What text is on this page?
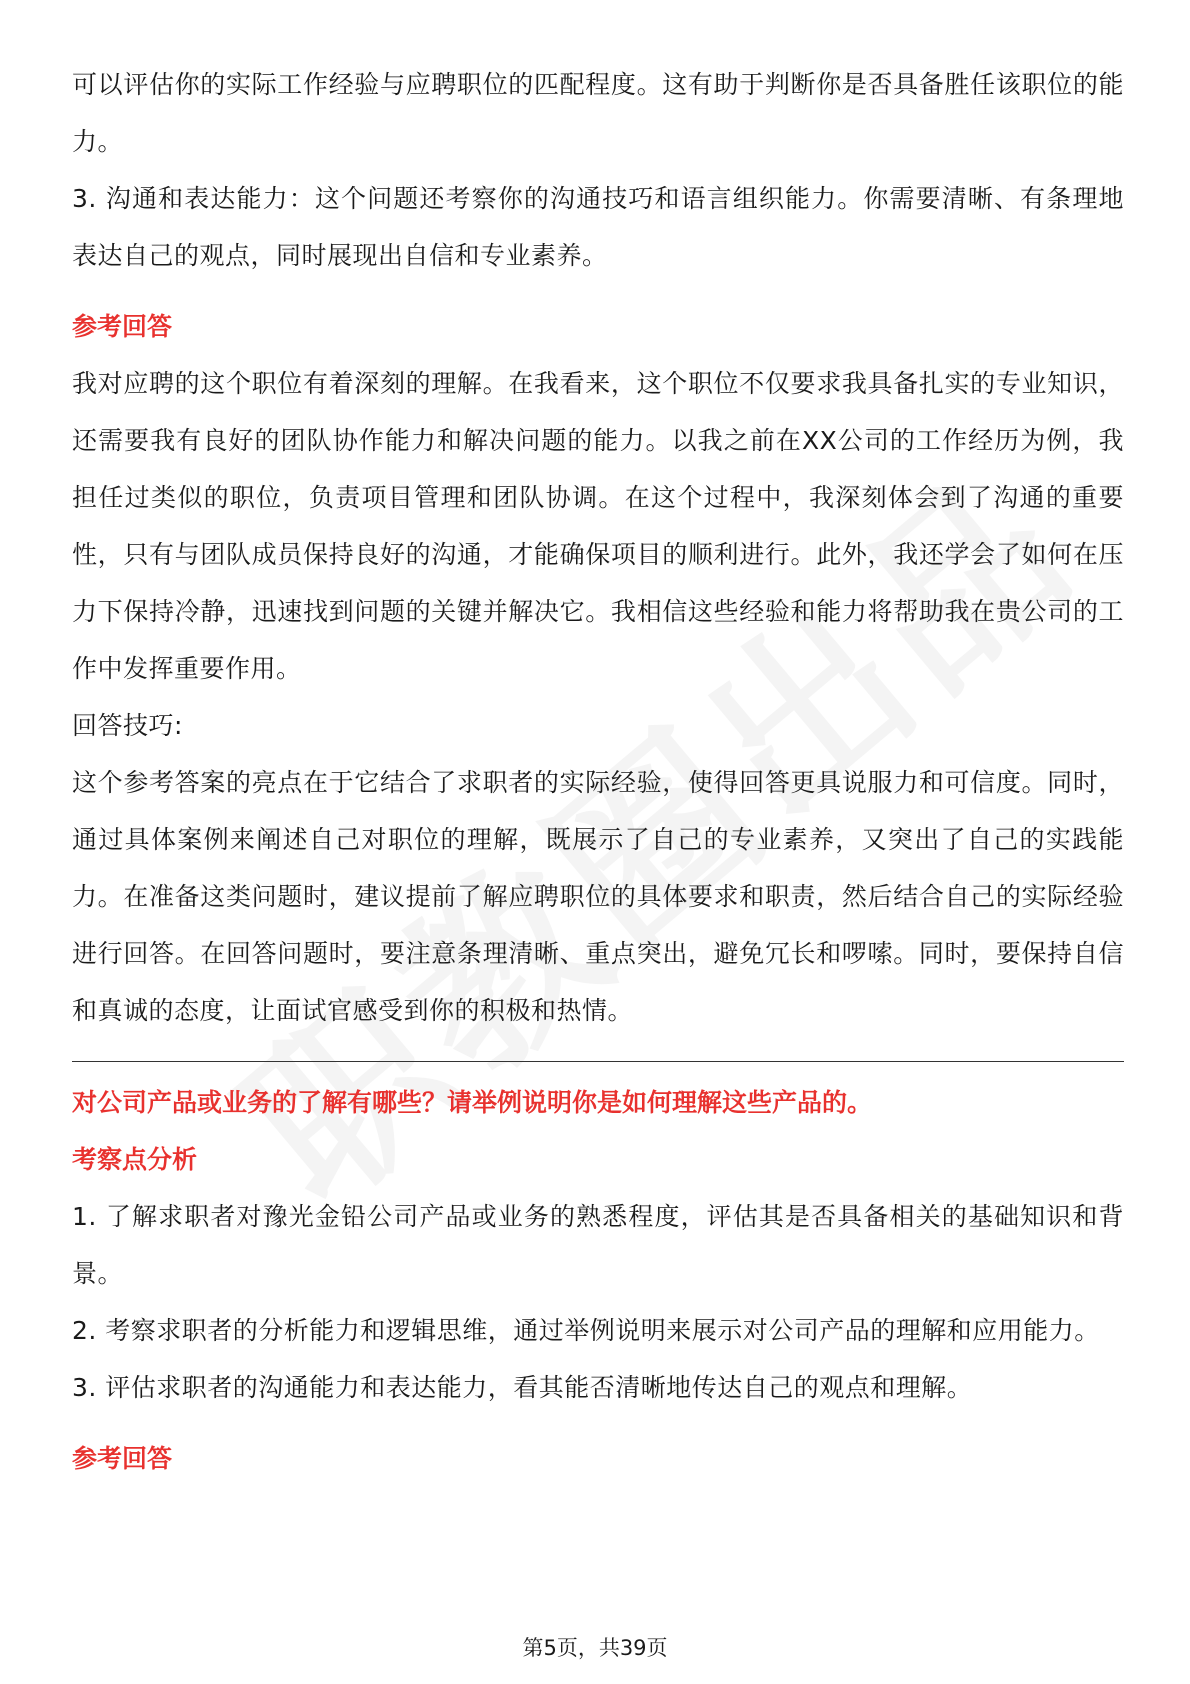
可以评估你的实际工作经验与应聘职位的匹配程度。这有助于判断你是否具备胜任该职位的能力。

3. 沟通和表达能力：这个问题还考察你的沟通技巧和语言组织能力。你需要清晰、有条理地表达自己的观点，同时展现出自信和专业素养。

参考回答

我对应聘的这个职位有着深刻的理解。在我看来，这个职位不仅要求我具备扎实的专业知识，还需要我有良好的团队协作能力和解决问题的能力。以我之前在XX公司的工作经历为例，我担任过类似的职位，负责项目管理和团队协调。在这个过程中，我深刻体会到了沟通的重要性，只有与团队成员保持良好的沟通，才能确保项目的顺利进行。此外，我还学会了如何在压力下保持冷静，迅速找到问题的关键并解决它。我相信这些经验和能力将帮助我在贵公司的工作中发挥重要作用。

回答技巧:

这个参考答案的亮点在于它结合了求职者的实际经验，使得回答更具说服力和可信度。同时，通过具体案例来阐述自己对职位的理解，既展示了自己的专业素养，又突出了自己的实践能力。在准备这类问题时，建议提前了解应聘职位的具体要求和职责，然后结合自己的实际经验进行回答。在回答问题时，要注意条理清晰、重点突出，避免冗长和啰嗦。同时，要保持自信和真诚的态度，让面试官感受到你的积极和热情。

对公司产品或业务的了解有哪些？请举例说明你是如何理解这些产品的。

考察点分析

1. 了解求职者对豫光金铅公司产品或业务的熟悉程度，评估其是否具备相关的基础知识和背景。

2. 考察求职者的分析能力和逻辑思维，通过举例说明来展示对公司产品的理解和应用能力。

3. 评估求职者的沟通能力和表达能力，看其能否清晰地传达自己的观点和理解。

参考回答

第5页，共39页
